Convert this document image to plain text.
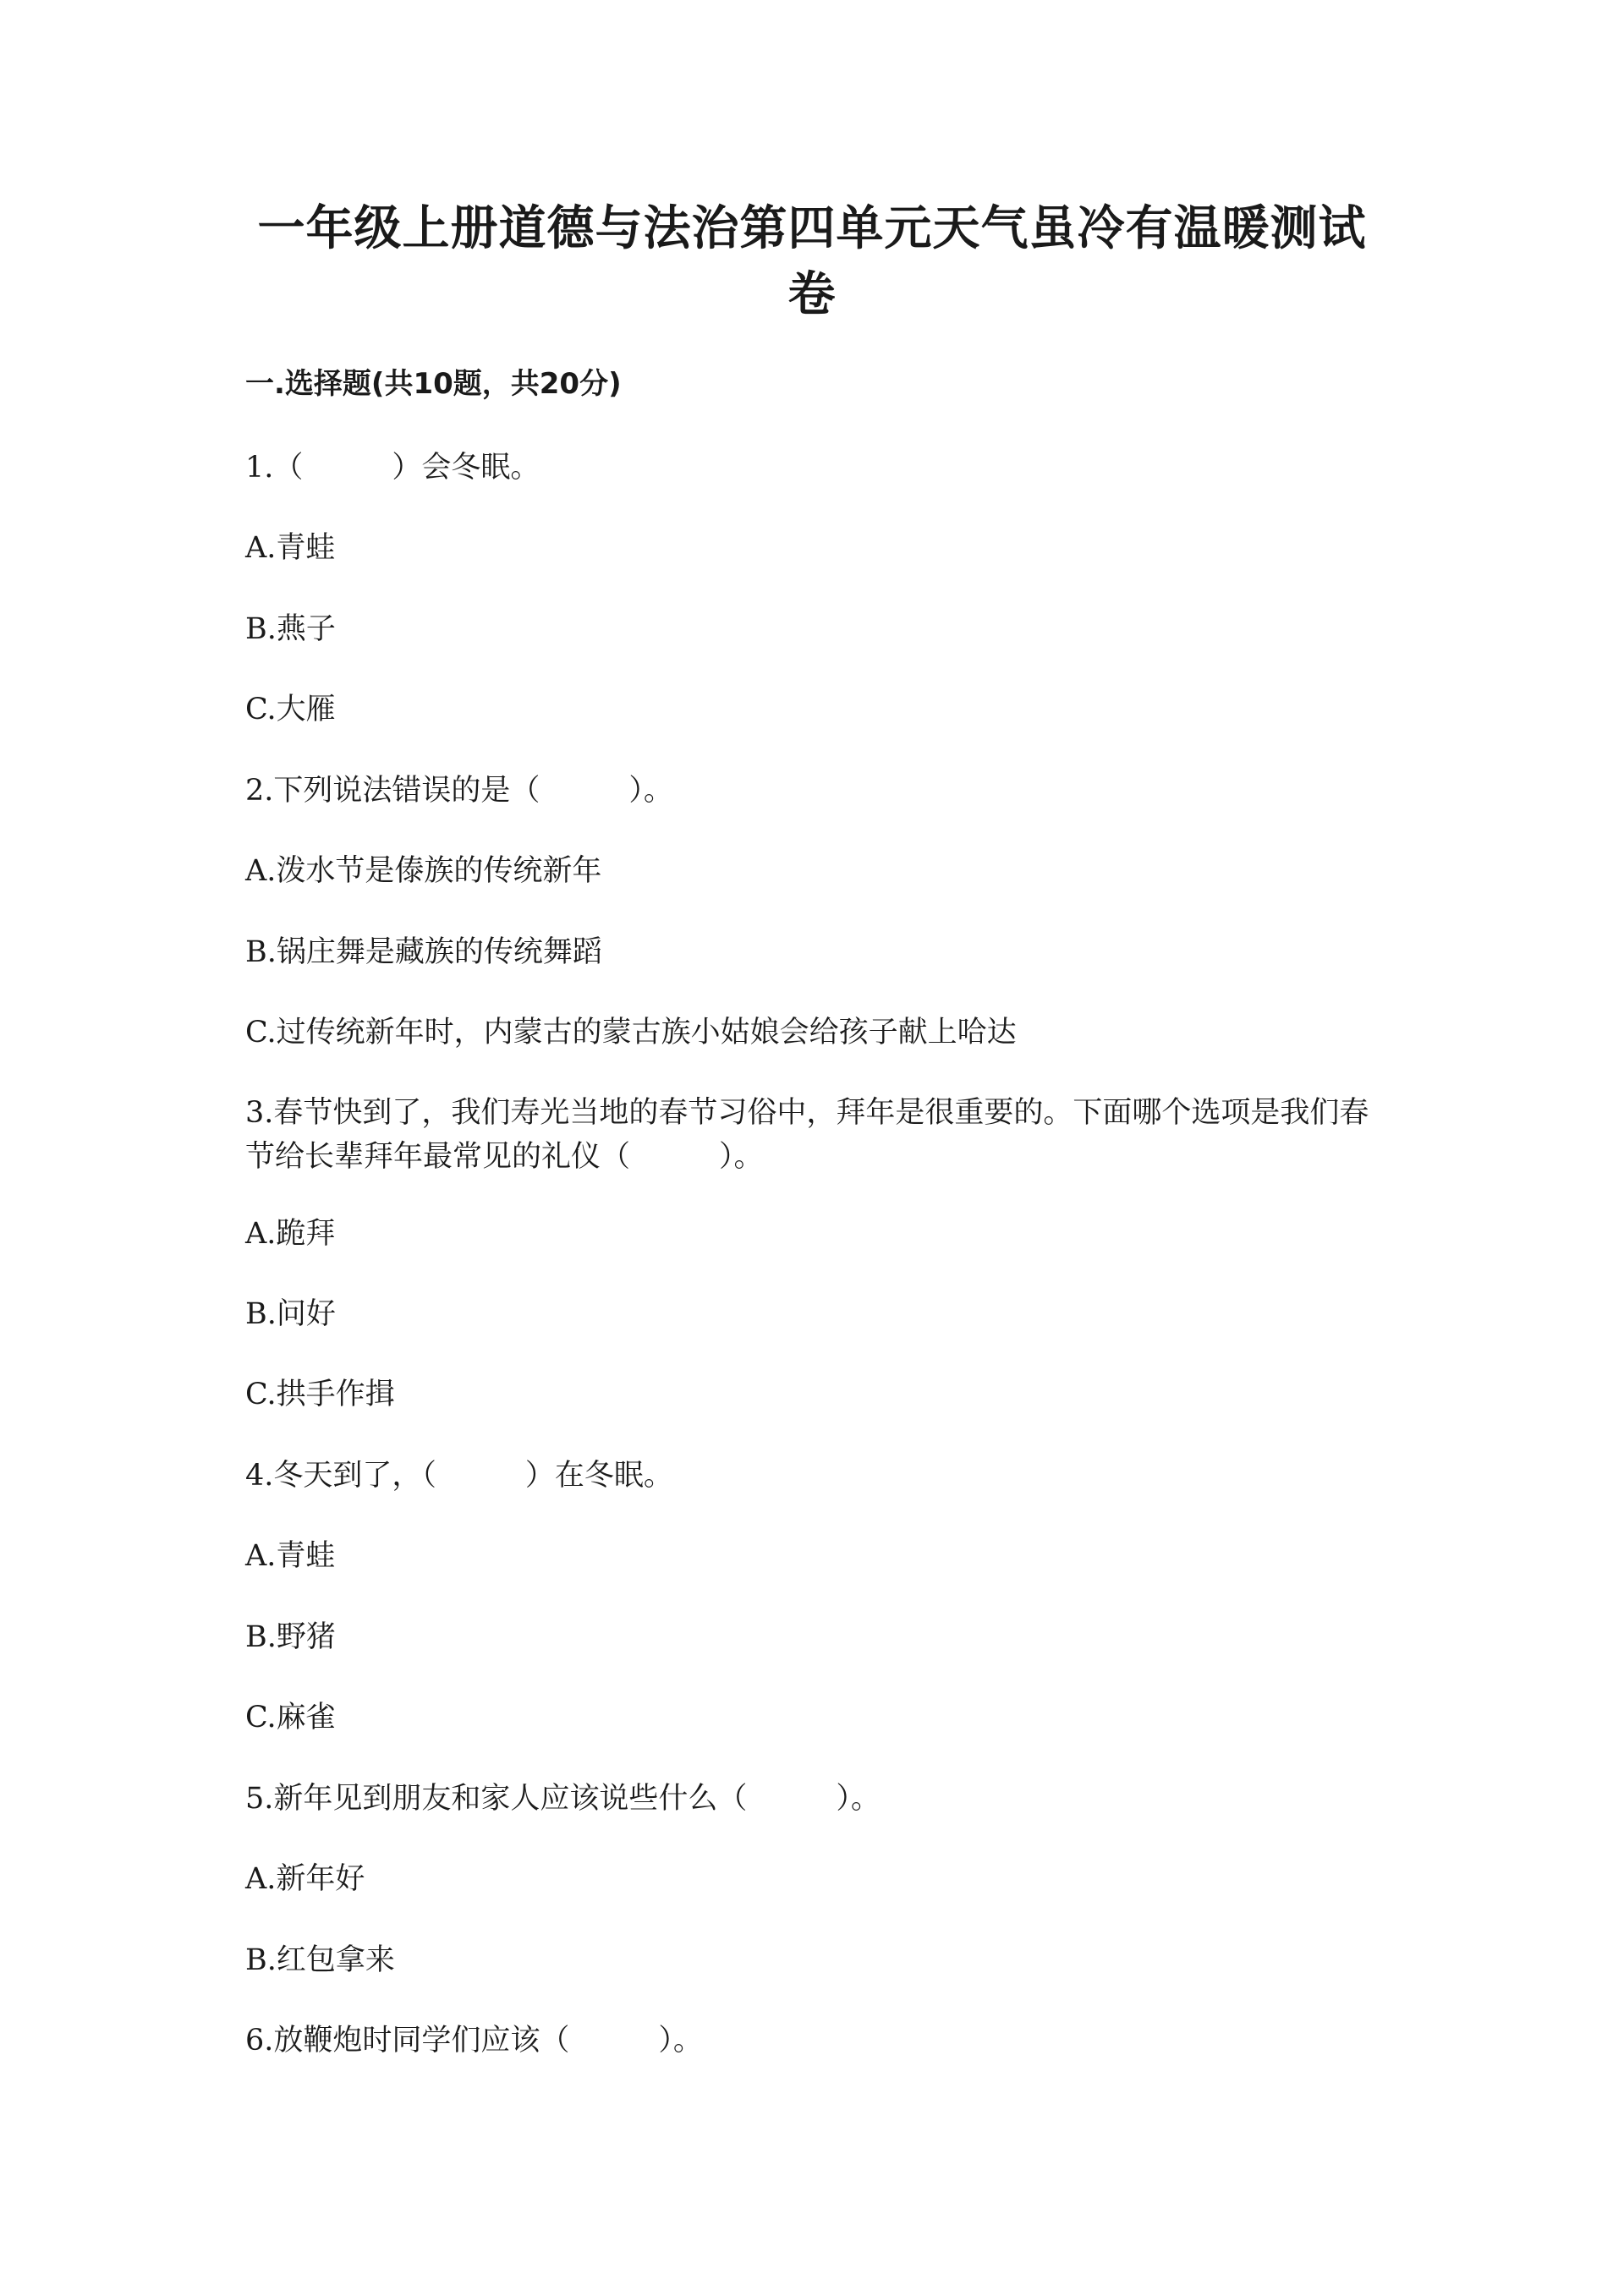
一年级上册道德与法治第四单元天气虽冷有温暖测试卷
一.选择题(共10题，共20分)

1.（　　　）会冬眠。

A.青蛙

B.燕子

C.大雁

2.下列说法错误的是（　　　）。

A.泼水节是傣族的传统新年

B.锅庄舞是藏族的传统舞蹈

C.过传统新年时，内蒙古的蒙古族小姑娘会给孩子献上哈达

3.春节快到了，我们寿光当地的春节习俗中，拜年是很重要的。下面哪个选项是我们春节给长辈拜年最常见的礼仪（　　　）。

A.跪拜

B.问好

C.拱手作揖

4.冬天到了，（　　　）在冬眠。

A.青蛙

B.野猪

C.麻雀

5.新年见到朋友和家人应该说些什么（　　　）。

A.新年好

B.红包拿来

6.放鞭炮时同学们应该（　　　）。
